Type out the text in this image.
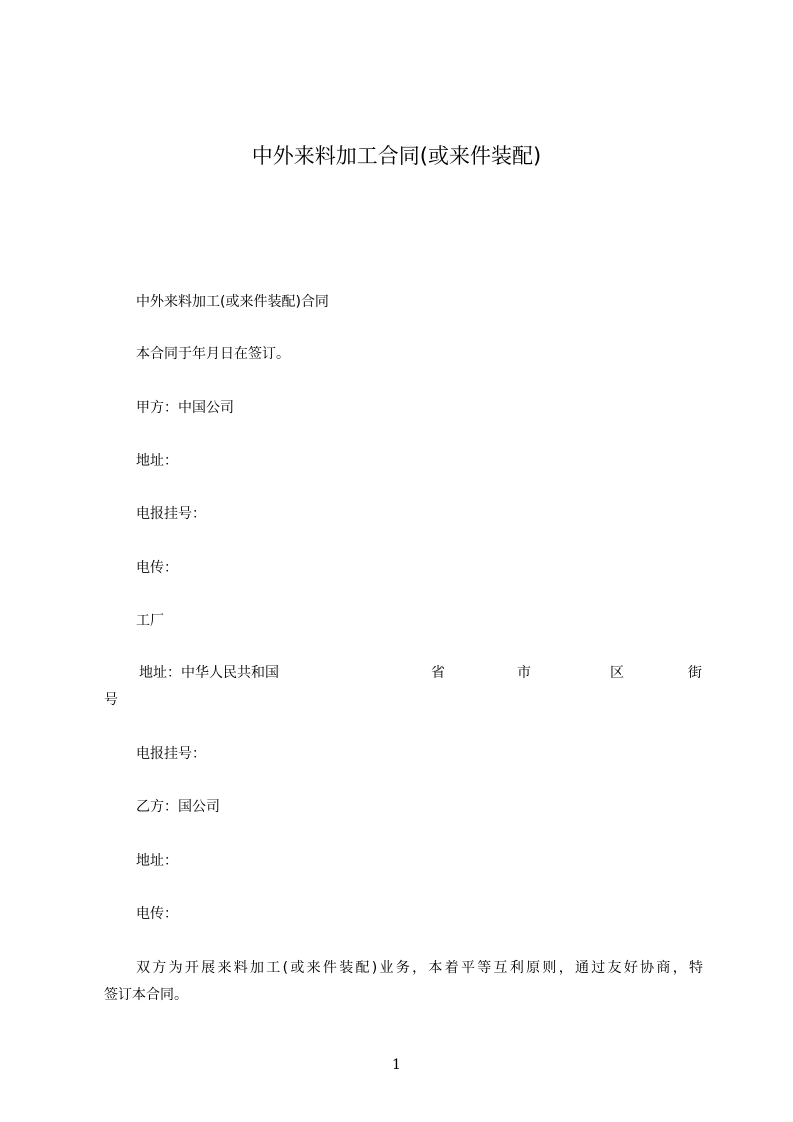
中外来料加工合同(或来件装配)
中外来料加工(或来件装配)合同
本合同于年月日在签订。
甲方：中国公司
地址：
电报挂号：
电传：
工厂
地址：中华人民共和国	省	市	区	街
号
电报挂号：
乙方：国公司
地址：
电传：
双方为开展来料加工(或来件装配)业务，本着平等互利原则，通过友好协商，特
签订本合同。
1
